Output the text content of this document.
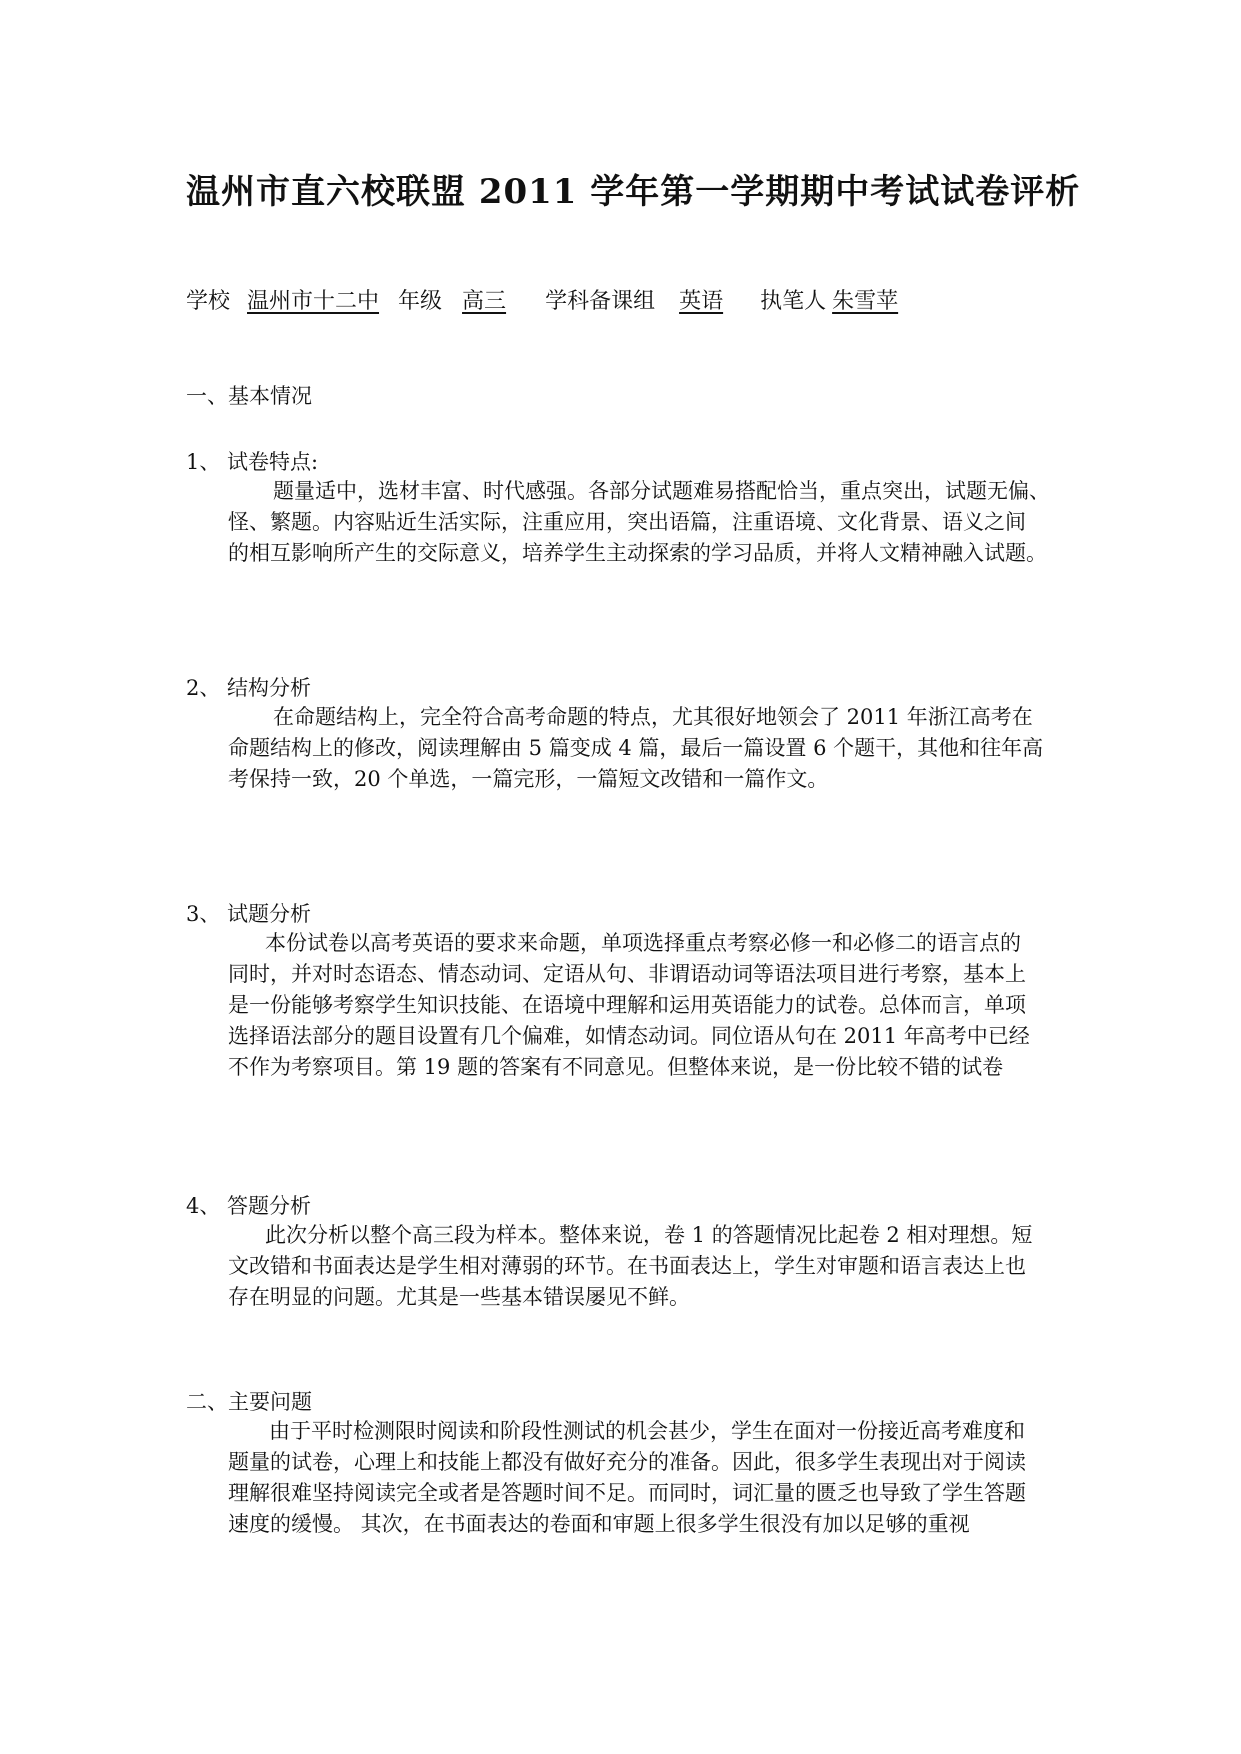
温州市直六校联盟 2011 学年第一学期期中考试试卷评析
学校 温州市十二中 年级 高三 学科备课组 英语 执笔人 朱雪苹
一、基本情况
1、 试卷特点:
　题量适中，选材丰富、时代感强。各部分试题难易搭配恰当，重点突出，试题无偏、
怪、繁题。内容贴近生活实际，注重应用，突出语篇，注重语境、文化背景、语义之间
的相互影响所产生的交际意义，培养学生主动探索的学习品质，并将人文精神融入试题。
2、 结构分析
　在命题结构上，完全符合高考命题的特点，尤其很好地领会了 2011 年浙江高考在
命题结构上的修改，阅读理解由 5 篇变成 4 篇，最后一篇设置 6 个题干，其他和往年高
考保持一致，20 个单选，一篇完形，一篇短文改错和一篇作文。
3、 试题分析
　本份试卷以高考英语的要求来命题，单项选择重点考察必修一和必修二的语言点的
同时，并对时态语态、情态动词、定语从句、非谓语动词等语法项目进行考察，基本上
是一份能够考察学生知识技能、在语境中理解和运用英语能力的试卷。总体而言，单项
选择语法部分的题目设置有几个偏难，如情态动词。同位语从句在 2011 年高考中已经
不作为考察项目。第 19 题的答案有不同意见。但整体来说，是一份比较不错的试卷
4、 答题分析
　此次分析以整个高三段为样本。整体来说，卷 1 的答题情况比起卷 2 相对理想。短
文改错和书面表达是学生相对薄弱的环节。在书面表达上，学生对审题和语言表达上也
存在明显的问题。尤其是一些基本错误屡见不鲜。
二、主要问题
　由于平时检测限时阅读和阶段性测试的机会甚少，学生在面对一份接近高考难度和
题量的试卷，心理上和技能上都没有做好充分的准备。因此，很多学生表现出对于阅读
理解很难坚持阅读完全或者是答题时间不足。而同时，词汇量的匮乏也导致了学生答题
速度的缓慢。 其次，在书面表达的卷面和审题上很多学生很没有加以足够的重视
